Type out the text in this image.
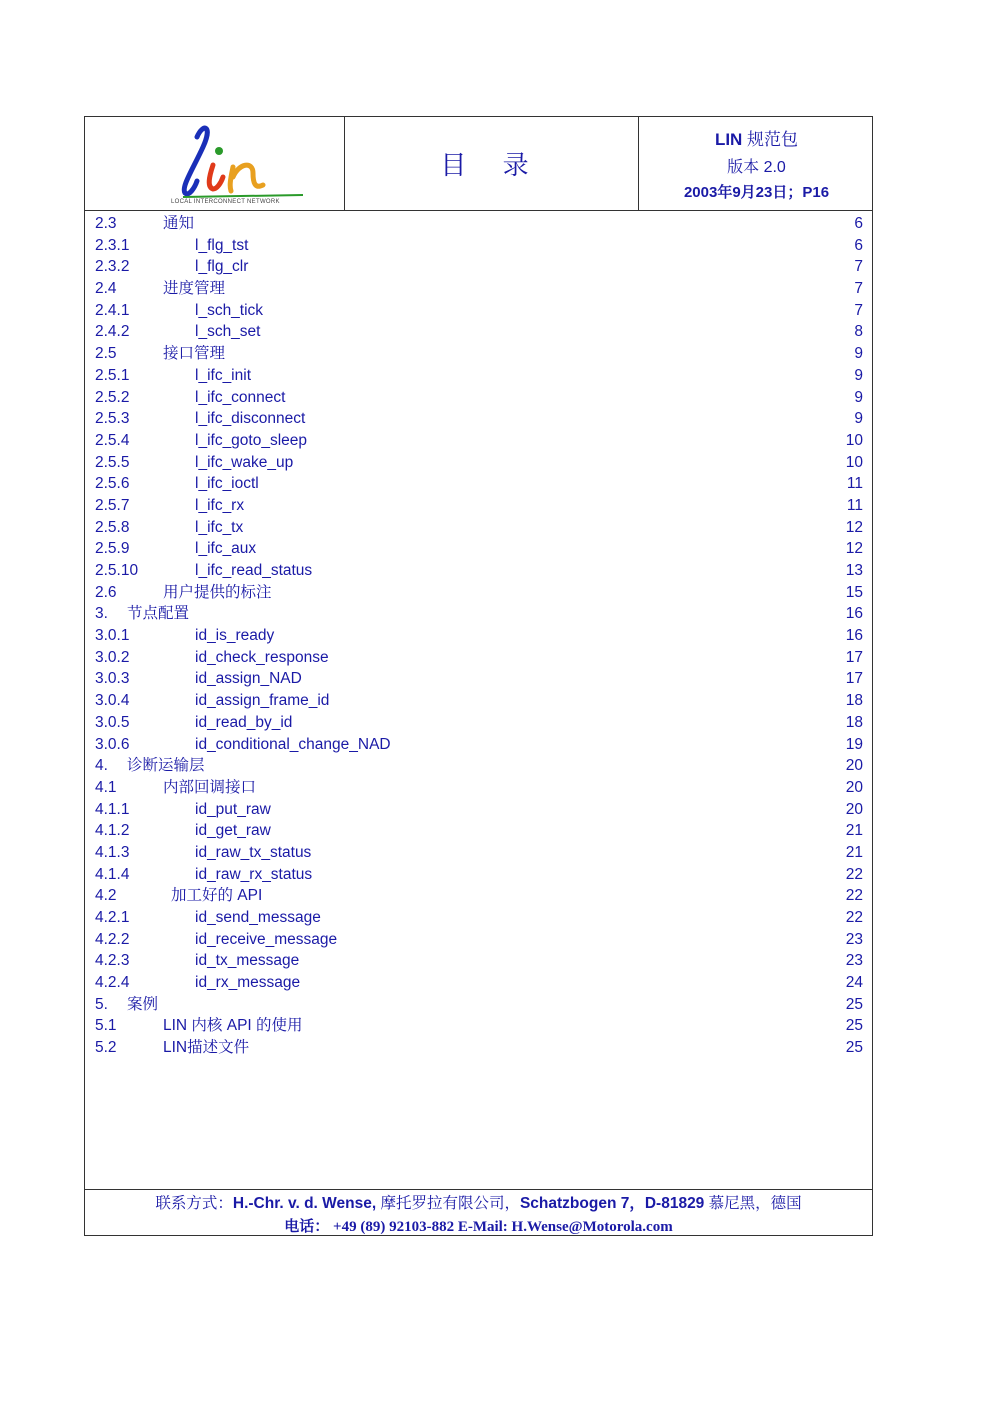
LOCAL INTERCONNECT NETWORK
目 录
LIN 规范包
版本 2.0
2003年9月23日；P16
2.3	通知	6
2.3.1	l_flg_tst	6
2.3.2	l_flg_clr	7
2.4	进度管理	7
2.4.1	l_sch_tick	7
2.4.2	l_sch_set	8
2.5	接口管理	9
2.5.1	l_ifc_init	9
2.5.2	l_ifc_connect	9
2.5.3	l_ifc_disconnect	9
2.5.4	l_ifc_goto_sleep	10
2.5.5	l_ifc_wake_up	10
2.5.6	l_ifc_ioctl	11
2.5.7	l_ifc_rx	11
2.5.8	l_ifc_tx	12
2.5.9	l_ifc_aux	12
2.5.10	l_ifc_read_status	13
2.6	用户提供的标注	15
3. 节点配置	16
3.0.1	id_is_ready	16
3.0.2	id_check_response	17
3.0.3	id_assign_NAD	17
3.0.4	id_assign_frame_id	18
3.0.5	id_read_by_id	18
3.0.6	id_conditional_change_NAD	19
4. 诊断运输层	20
4.1	内部回调接口	20
4.1.1	id_put_raw	20
4.1.2	id_get_raw	21
4.1.3	id_raw_tx_status	21
4.1.4	id_raw_rx_status	22
4.2	加工好的 API	22
4.2.1	id_send_message	22
4.2.2	id_receive_message	23
4.2.3	id_tx_message	23
4.2.4	id_rx_message	24
5. 案例	25
5.1	LIN 内核 API 的使用	25
5.2	LIN描述文件	25
联系方式：H.-Chr. v. d. Wense, 摩托罗拉有限公司，Schatzbogen 7，D-81829 慕尼黑，德国
电话： +49 (89) 92103-882 E-Mail: H.Wense@Motorola.com
